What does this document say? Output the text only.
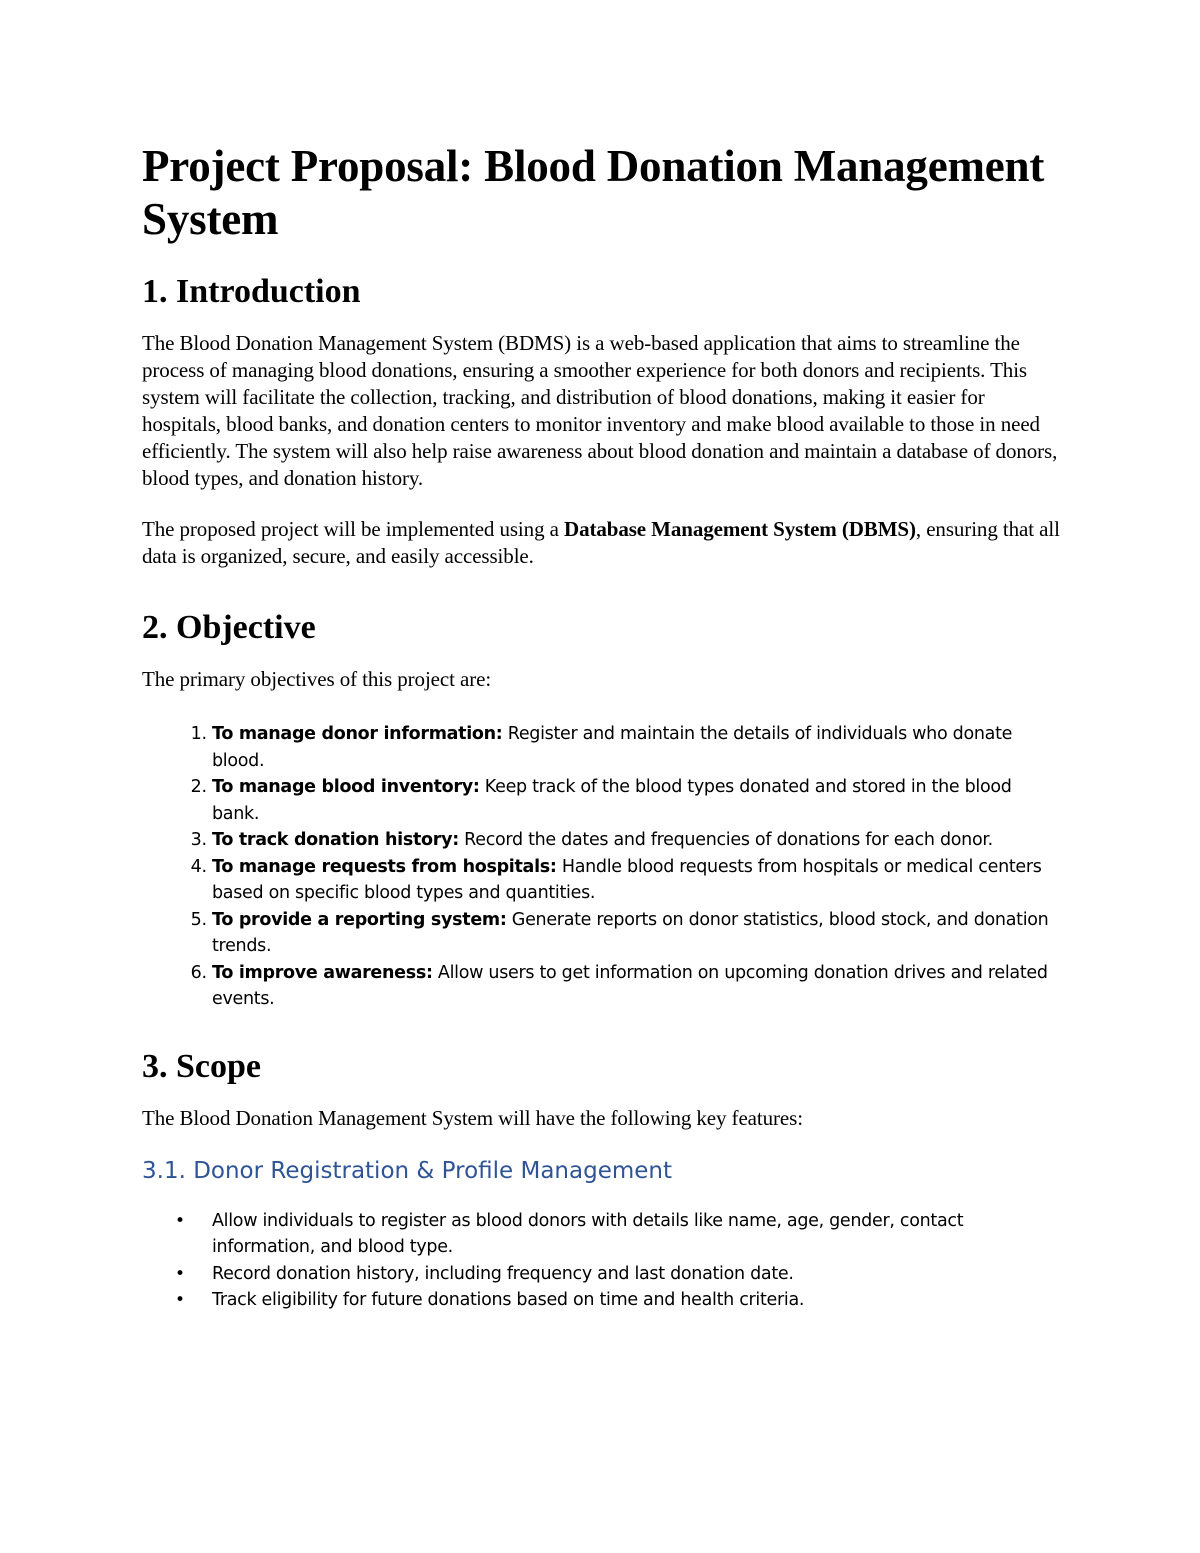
Project Proposal: Blood Donation Management System
1. Introduction

The Blood Donation Management System (BDMS) is a web-based application that aims to streamline the process of managing blood donations, ensuring a smoother experience for both donors and recipients. This system will facilitate the collection, tracking, and distribution of blood donations, making it easier for hospitals, blood banks, and donation centers to monitor inventory and make blood available to those in need efficiently. The system will also help raise awareness about blood donation and maintain a database of donors, blood types, and donation history.

The proposed project will be implemented using a Database Management System (DBMS), ensuring that all data is organized, secure, and easily accessible.

2. Objective

The primary objectives of this project are:

1. To manage donor information: Register and maintain the details of individuals who donate blood.
2. To manage blood inventory: Keep track of the blood types donated and stored in the blood bank.
3. To track donation history: Record the dates and frequencies of donations for each donor.
4. To manage requests from hospitals: Handle blood requests from hospitals or medical centers based on specific blood types and quantities.
5. To provide a reporting system: Generate reports on donor statistics, blood stock, and donation trends.
6. To improve awareness: Allow users to get information on upcoming donation drives and related events.
3. Scope

The Blood Donation Management System will have the following key features:

3.1. Donor Registration & Profile Management
• Allow individuals to register as blood donors with details like name, age, gender, contact information, and blood type.
• Record donation history, including frequency and last donation date.
• Track eligibility for future donations based on time and health criteria.
